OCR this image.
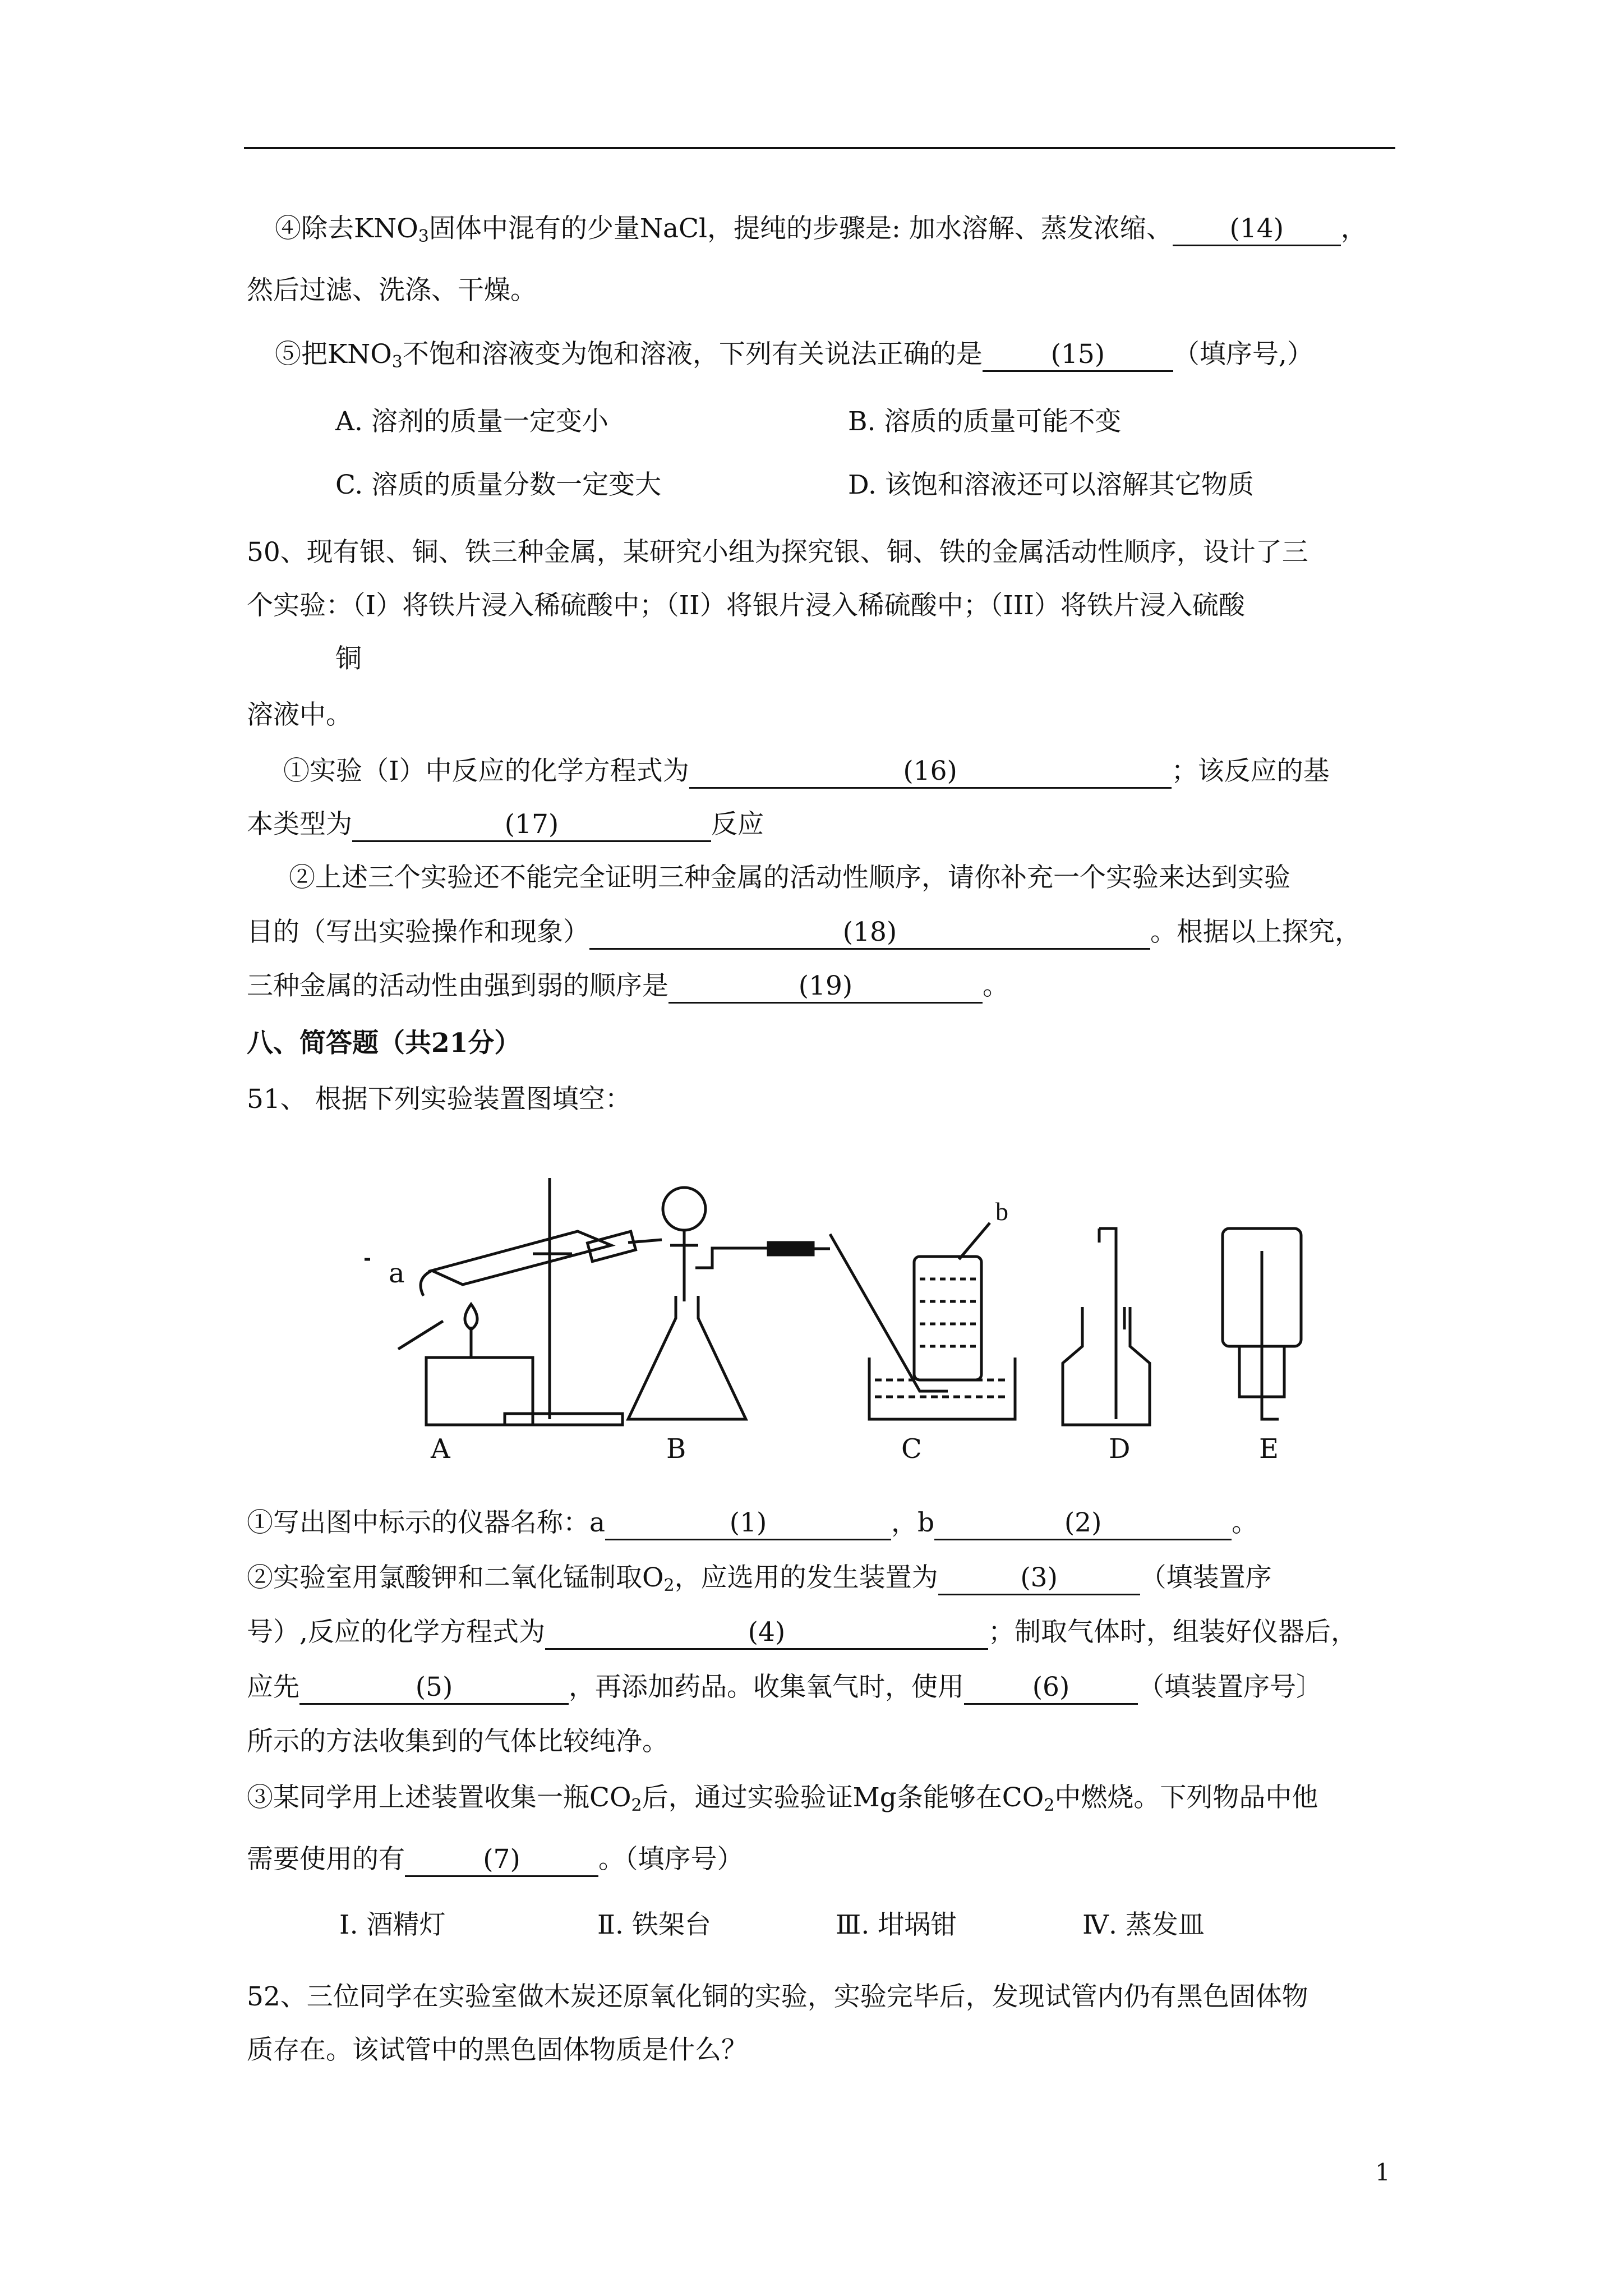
④除去$KNO_3$固体中混有的少量NaCl，提纯的步骤是: 加水溶解、蒸发浓缩、 (14) ，
然后过滤、洗涤、干燥。
⑤把$KNO_3$不饱和溶液变为饱和溶液，下列有关说法正确的是	(15)	（填序号,）
A. 溶剂的质量一定变小	B. 溶质的质量可能不变
C. 溶质的质量分数一定变大	D. 该饱和溶液还可以溶解其它物质
50、现有银、铜、铁三种金属，某研究小组为探究银、铜、铁的金属活动性顺序，设计了三
个实验：（I）将铁片浸入稀硫酸中；（II）将银片浸入稀硫酸中；（III）将铁片浸入硫酸
铜
溶液中。
①实验（I）中反应的化学方程式为	(16)	；该反应的基
本类型为	(17)	反应
②上述三个实验还不能完全证明三种金属的活动性顺序，请你补充一个实验来达到实验
目的（写出实验操作和现象）	(18)	。根据以上探究，
三种金属的活动性由强到弱的顺序是	(19)	。
八、简答题（共21分）
51、 根据下列实验装置图填空：
b
a
A	B	C	D	E
①写出图中标示的仪器名称：a	(1)	，b	(2)	。
②实验室用氯酸钾和二氧化锰制取$O_2$，应选用的发生装置为	(3)	（填装置序
号）,反应的化学方程式为	(4)	；制取气体时，组装好仪器后，
应先	(5)	，再添加药品。收集氧气时，使用	(6)	（填装置序号〕
所示的方法收集到的气体比较纯净。
③某同学用上述装置收集一瓶$CO_2$后，通过实验验证Mg条能够在$CO_2$中燃烧。下列物品中他
需要使用的有	(7)	。（填序号）
Ⅰ. 酒精灯	Ⅱ. 铁架台	Ⅲ. 坩埚钳	Ⅳ. 蒸发皿
52、三位同学在实验室做木炭还原氧化铜的实验，实验完毕后，发现试管内仍有黑色固体物
质存在。该试管中的黑色固体物质是什么？
1
